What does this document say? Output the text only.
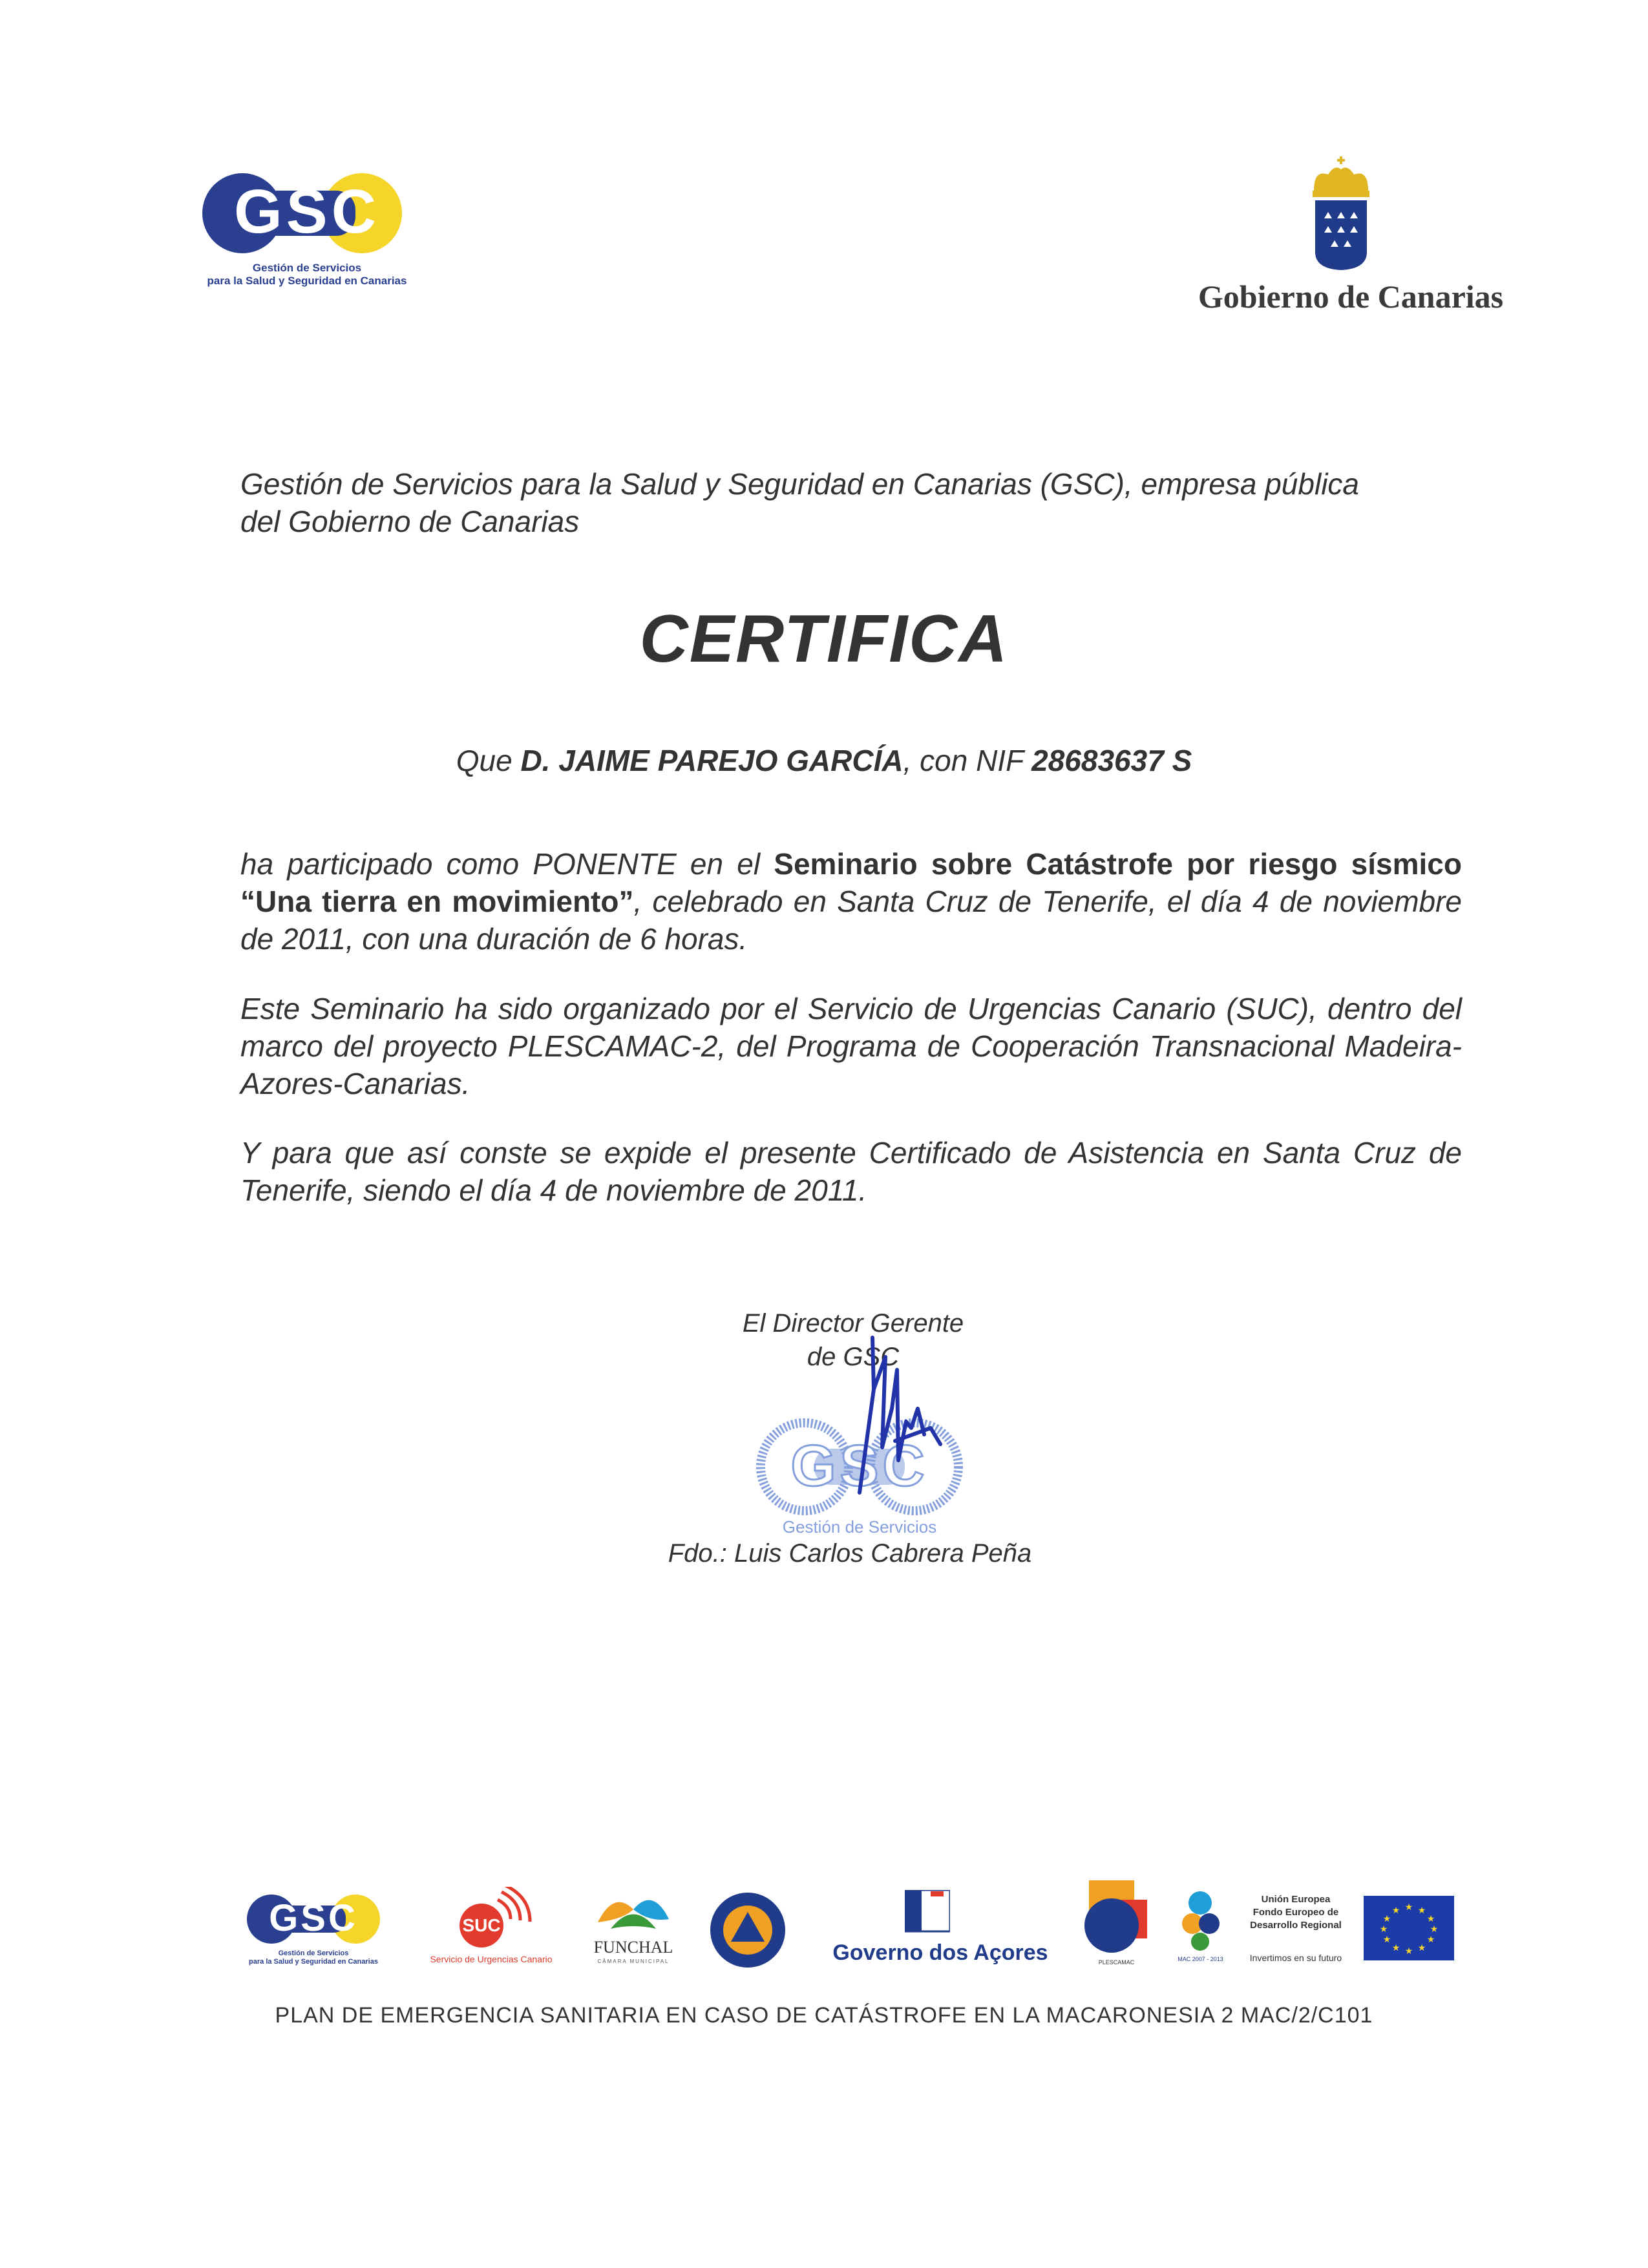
GSC
Gestión de Servicios
para la Salud y Seguridad en Canarias	Gobierno de Canarias
Gestión de Servicios para la Salud y Seguridad en Canarias (GSC), empresa pública
del Gobierno de Canarias
CERTIFICA
Que D. JAIME PAREJO GARCÍA, con NIF 28683637 S
ha participado como PONENTE en el Seminario sobre Catástrofe por riesgo sísmico “Una tierra en movimiento”, celebrado en Santa Cruz de Tenerife, el día 4 de noviembre de 2011, con una duración de 6 horas.
Este Seminario ha sido organizado por el Servicio de Urgencias Canario (SUC), dentro del marco del proyecto PLESCAMAC-2, del Programa de Cooperación Transnacional Madeira-Azores-Canarias.
Y para que así conste se expide el presente Certificado de Asistencia en Santa Cruz de Tenerife, siendo el día 4 de noviembre de 2011.
El Director Gerente
de GSC
GSC
Gestión de Servicios
Fdo.: Luis Carlos Cabrera Peña
GSC
Gestión de Servicios
para la Salud y Seguridad en Canarias
SUC
Servicio de Urgencias Canario
FUNCHAL
CÂMARA MUNICIPAL	Governo dos Açores	PLESCAMAC	MAC 2007 - 2013
Unión Europea
Fondo Europeo de
Desarrollo Regional
Invertimos en su futuro
★ ★
★
★
★
★
★
★
★
★
★
★
PLAN DE EMERGENCIA SANITARIA EN CASO DE CATÁSTROFE EN LA MACARONESIA 2 MAC/2/C101
